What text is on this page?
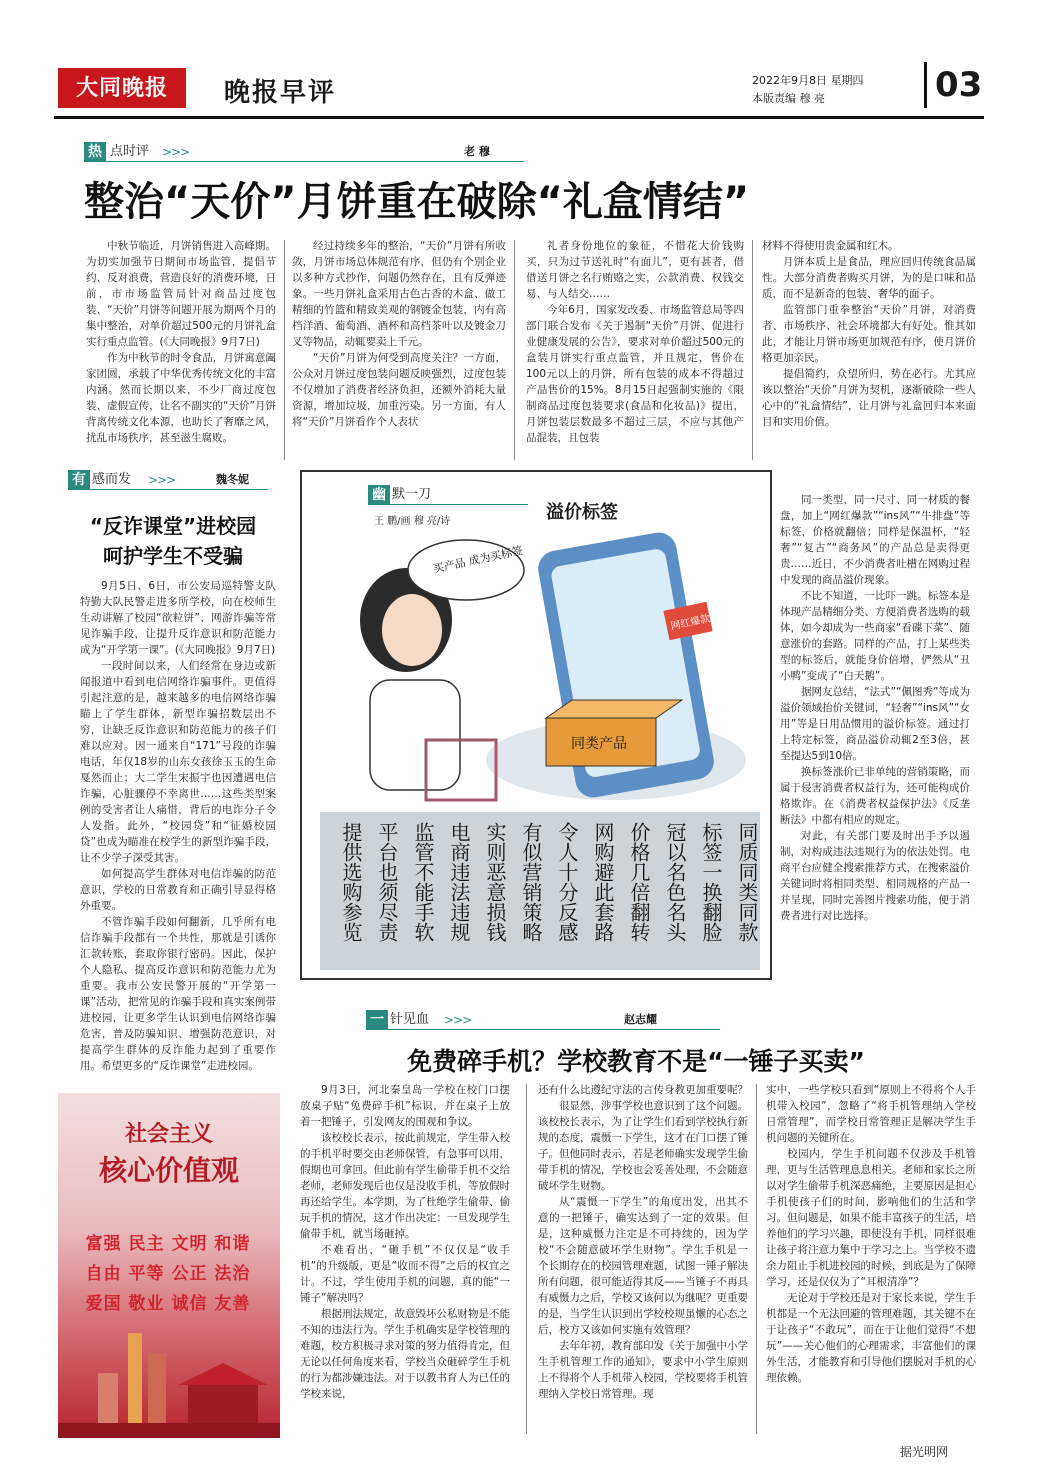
大同晚报	晚报早评	2022年9月8日 星期四
本版责编 穆 亮	03
热 点时评 >>>	老 穆
整治“天价”月饼重在破除“礼盒情结”

中秋节临近，月饼销售进入高峰期。为切实加强节日期间市场监管，提倡节约、反对浪费，营造良好的消费环境，日前，市市场监管局针对商品过度包装、“天价”月饼等问题开展为期两个月的集中整治，对单价超过500元的月饼礼盒实行重点监管。(《大同晚报》9月7日)

作为中秋节的时令食品，月饼寓意阖家团圆，承载了中华优秀传统文化的丰富内涵。然而长期以来，不少厂商过度包装、虚假宣传，让名不副实的“天价”月饼背离传统文化本源，也助长了奢靡之风，扰乱市场秩序，甚至滋生腐败。

经过持续多年的整治，“天价”月饼有所收敛，月饼市场总体规范有序，但仍有个别企业以多种方式抄作，问题仍然存在，且有反弹迹象。一些月饼礼盒采用古色古香的木盒、做工精细的竹篮和精致美观的钢镀金包装，内有高档洋酒、葡萄酒、酒杯和高档茶叶以及镀金刀叉等物品，动辄要卖上千元。

“天价”月饼为何受到高度关注？一方面，公众对月饼过度包装问题反映强烈，过度包装不仅增加了消费者经济负担，还额外消耗大量资源，增加垃圾，加重污染。另一方面，有人将“天价”月饼看作个人表状

礼者身份地位的象征，不惜花大价钱购买，只为过节送礼时“有面儿”，更有甚者，借借送月饼之名行贿赂之实，公款消费、权钱交易、与人结交……

今年6月，国家发改委、市场监管总局等四部门联合发布《关于遏制“天价”月饼、促进行业健康发展的公告》，要求对单价超过500元的盒装月饼实行重点监管，并且规定，售价在100元以上的月饼，所有包装的成本不得超过产品售价的15%。8月15日起强制实施的《限制商品过度包装要求(食品和化妆品)》提出，月饼包装层数最多不超过三层，不应与其他产品混装，且包装

材料不得使用贵金属和红木。

月饼本质上是食品，理应回归传统食品属性。大部分消费者购买月饼，为的是口味和品质，而不是新奇的包装、奢华的面子。

监管部门重拳整治“天价”月饼，对消费者、市场秩序、社会环境都大有好处。惟其如此，才能让月饼市场更加规范有序，使月饼价格更加亲民。

提倡简约，众望所归，势在必行。尤其应该以整治“天价”月饼为契机，逐渐破除一些人心中的“礼盒情结”，让月饼与礼盒回归本来面目和实用价值。

有 感而发 >>>	魏冬妮
“反诈课堂”进校园
呵护学生不受骗

9月5日、6日，市公安局巡特警支队特勤大队民警走进多所学校，向在校师生生动讲解了校园“欲粒饼”、网游诈骗等常见诈骗手段，让提升反诈意识和防范能力成为“开学第一课”。(《大同晚报》9月7日)

一段时间以来，人们经常在身边或新闻报道中看到电信网络诈骗事件。更值得引起注意的是，越来越多的电信网络诈骗瞄上了学生群体，新型诈骗招数层出不穷，让缺乏反诈意识和防范能力的孩子们难以应对。因一通来自“171”号段的诈骗电话，年仅18岁的山东女孩徐玉玉的生命戛然而止；大二学生宋振宇也因遭遇电信诈骗，心脏骤停不幸离世……这些类型案例的受害者让人痛惜，背后的电诈分子令人发指。此外，“校园贷”和“征婚校园贷”也成为瞄准在校学生的新型诈骗手段，让不少学子深受其害。

如何提高学生群体对电信诈骗的防范意识，学校的日常教育和正确引导显得格外重要。

不管诈骗手段如何翻新，几乎所有电信诈骗手段都有一个共性，那就是引诱你汇款转账，套取你银行密码。因此，保护个人隐私、提高反诈意识和防范能力尤为重要。我市公安民警开展的“开学第一课”活动，把常见的诈骗手段和真实案例带进校园，让更多学生认识到电信网络诈骗危害，普及防骗知识、增强防范意识，对提高学生群体的反诈能力起到了重要作用。希望更多的“反诈课堂”走进校园。

幽 默一刀
王 鹏/画 穆 亮/诗	溢价标签
同类产品
网红爆款
买产品 成为买标签
同质同类同款
标签一换翻脸
冠以名色名头
价格几倍翻转
网购避此套路
令人十分反感
有似营销策略
实则恶意损钱
电商违法违规
监管不能手软
平台也须尽责
提供选购参览

同一类型、同一尺寸、同一材质的餐盘，加上“网红爆款”“ins风”“牛排盘”等标签，价格就翻倍；同样是保温杯，“轻奢”“复古”“商务风”的产品总是卖得更贵……近日，不少消费者吐槽在网购过程中发现的商品溢价现象。

不比不知道，一比吓一跳。标签本是体现产品精细分类、方便消费者选购的载体，如今却成为一些商家“看碟下菜”、随意涨价的套路。同样的产品，打上某些类型的标签后，就能身价倍增，俨然从“丑小鸭”变成了“白天鹅”。

据网友总结，“法式”“佩图秀”等成为溢价领域抬价关键词，“轻奢”“ins风”“女用”等是日用品惯用的溢价标签。通过打上特定标签，商品溢价动辄2至3倍，甚至提达5到10倍。

换标签涨价已非单纯的营销策略，而属于侵害消费者权益行为，还可能构成价格欺诈。在《消费者权益保护法》《反垄断法》中都有相应的规定。

对此，有关部门要及时出手予以遏制，对构成违法违规行为的依法处罚。电商平台应健全搜索推荐方式，在搜索溢价关键词时将相同类型、相同规格的产品一并呈现，同时完善图片搜索功能，便于消费者进行对比选择。

一 针见血 >>>	赵志耀
免费碎手机？学校教育不是“一锤子买卖”

9月3日，河北秦皇岛一学校在校门口摆放桌子贴“免费碎手机”标识，并在桌子上放着一把锤子，引发网友的围观和争议。

该校校长表示，按此前规定，学生带入校的手机平时要交由老师保管，有急事可以用，假期也可拿回。但此前有学生偷带手机不交给老师，老师发现后也仅是没收手机，等放假时再还给学生。本学期，为了杜绝学生偷带、偷玩手机的情况，这才作出决定：一旦发现学生偷带手机，就当场砸掉。

不难看出，“砸手机”不仅仅是“收手机”的升级版，更是“收而不得”之后的权宜之计。不过，学生使用手机的问题，真的能“一锤子”解决吗？

根据刑法规定，故意毁坏公私财物是不能不知的违法行为。学生手机确实是学校管理的难题，校方积极寻求对策的努力值得肯定，但无论以任何角度来看，学校当众砸碎学生手机的行为都涉嫌违法。对于以教书育人为已任的学校来说，

还有什么比遵纪守法的言传身教更加重要呢？

很显然，涉事学校也意识到了这个问题。该校校长表示，为了让学生们看到学校执行新规的态度，震慑一下学生，这才在门口摆了锤子。但他同时表示，若是老师确实发现学生偷带手机的情况，学校也会妥善处理，不会随意破坏学生财物。

从“震慑一下学生”的角度出发，出其不意的一把锤子，确实达到了一定的效果。但是，这种威慑力注定是不可持续的，因为学校“不会随意破坏学生财物”。学生手机是一个长期存在的校园管理难题，试图一锤子解决所有问题，很可能适得其反——当锤子不再具有威慑力之后，学校又该何以为继呢？更重要的是，当学生认识到出学校校规虽懒的心态之后，校方又该如何实施有效管理？

去年年初，教育部印发《关于加强中小学生手机管理工作的通知》，要求中小学生原则上不得将个人手机带入校园，学校要将手机管理纳入学校日常管理。现

实中，一些学校只看到“原则上不得将个人手机带入校园”，忽略了“将手机管理纳入学校日常管理”，而学校日常管理正是解决学生手机问题的关键所在。

校园内，学生手机问题不仅涉及手机管理，更与生活管理息息相关。老师和家长之所以对学生偷带手机深恶痛绝，主要原因是担心手机使孩子们的时间，影响他们的生活和学习。但问题是，如果不能丰富孩子的生活，培养他们的学习兴趣，即使没有手机，同样很难让孩子将注意力集中于学习之上。当学校不遗余力阻止手机进校园的时候，到底是为了保障学习，还是仅仅为了“耳根清净”？

无论对于学校还是对于家长来说，学生手机都是一个无法回避的管理难题，其关键不在于让孩子“不敢玩”，而在于让他们觉得“不想玩”——关心他们的心理需求，丰富他们的课外生活，才能教育和引导他们摆脱对手机的心理依赖。

社会主义
核心价值观
富强 民主 文明 和谐
自由 平等 公正 法治
爱国 敬业 诚信 友善
据光明网
